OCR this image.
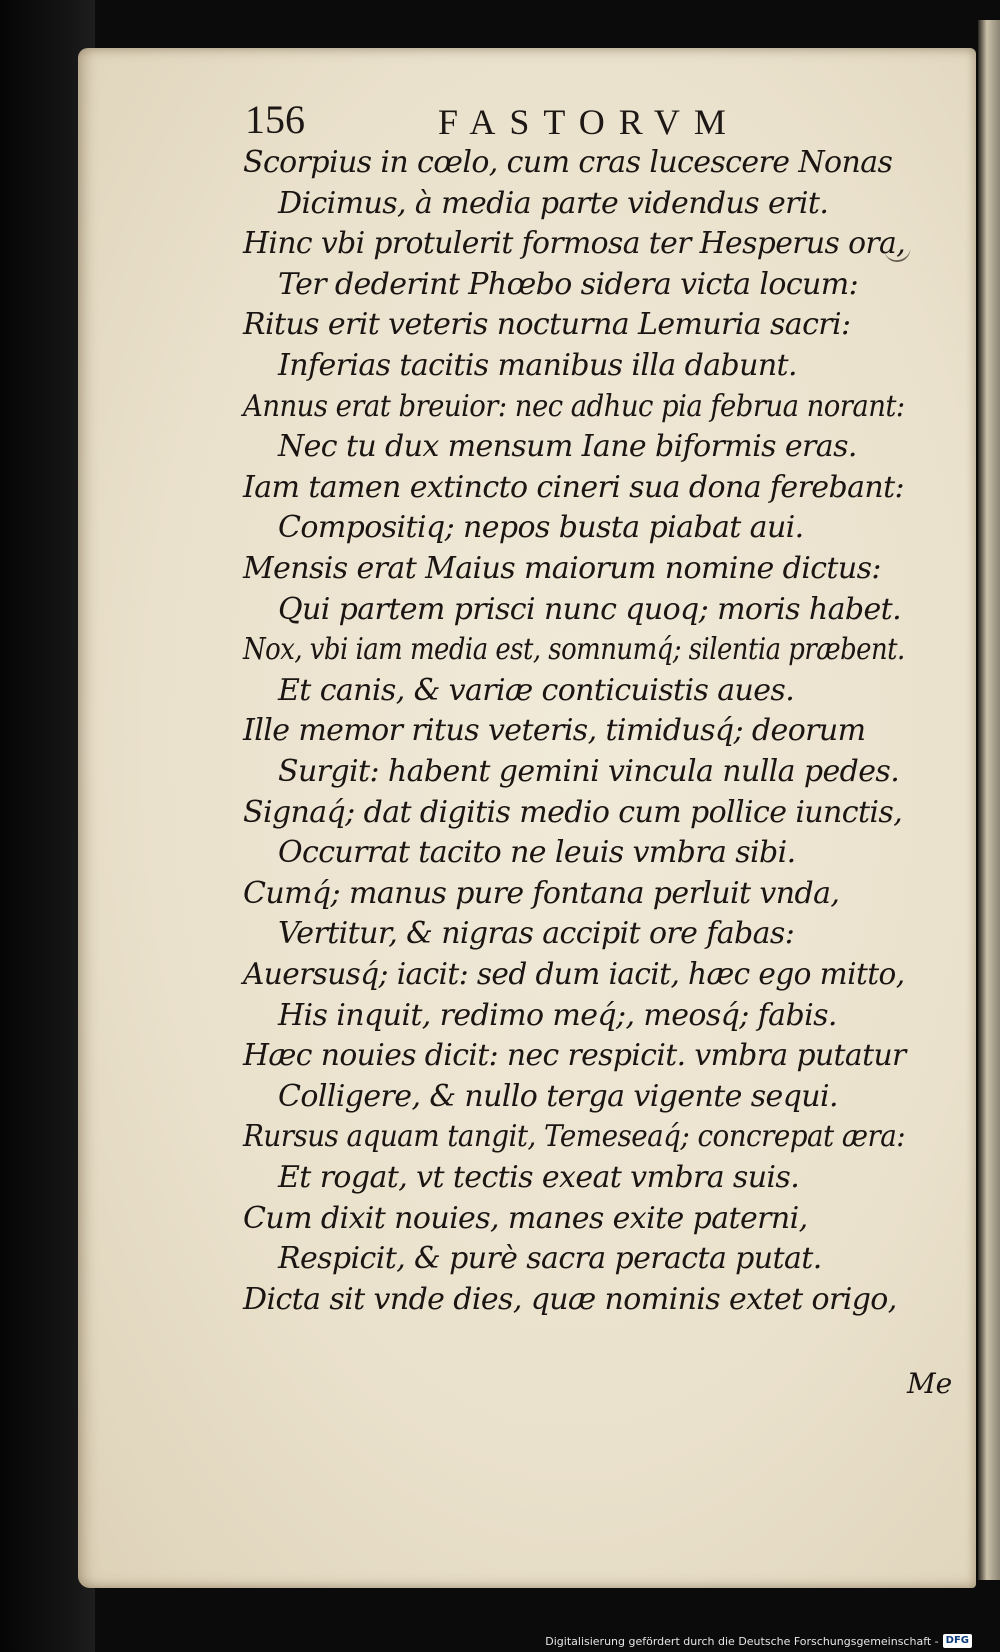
156	FASTORVM
Scorpius in cœlo, cum cras lucescere Nonas
Dicimus, à media parte videndus erit.
Hinc vbi protulerit formosa ter Hesperus ora,
Ter dederint Phœbo sidera victa locum:
Ritus erit veteris nocturna Lemuria sacri:
Inferias tacitis manibus illa dabunt.
Annus erat breuior: nec adhuc pia februa norant:
Nec tu dux mensum Iane biformis eras.
Iam tamen extincto cineri sua dona ferebant:
Compositiq; nepos busta piabat aui.
Mensis erat Maius maiorum nomine dictus:
Qui partem prisci nunc quoq; moris habet.
Nox, vbi iam media est, somnumq́; silentia præbent.
Et canis, & variæ conticuistis aues.
Ille memor ritus veteris, timidusq́; deorum
Surgit: habent gemini vincula nulla pedes.
Signaq́; dat digitis medio cum pollice iunctis,
Occurrat tacito ne leuis vmbra sibi.
Cumq́; manus pure fontana perluit vnda,
Vertitur, & nigras accipit ore fabas:
Auersusq́; iacit: sed dum iacit, hæc ego mitto,
His inquit, redimo meq́;, meosq́; fabis.
Hæc nouies dicit: nec respicit. vmbra putatur
Colligere, & nullo terga vigente sequi.
Rursus aquam tangit, Temeseaq́; concrepat æra:
Et rogat, vt tectis exeat vmbra suis.
Cum dixit nouies, manes exite paterni,
Respicit, & purè sacra peracta putat.
Dicta sit vnde dies, quæ nominis extet origo,
Me
Digitalisierung gefördert durch die Deutsche Forschungsgemeinschaft - DFG
